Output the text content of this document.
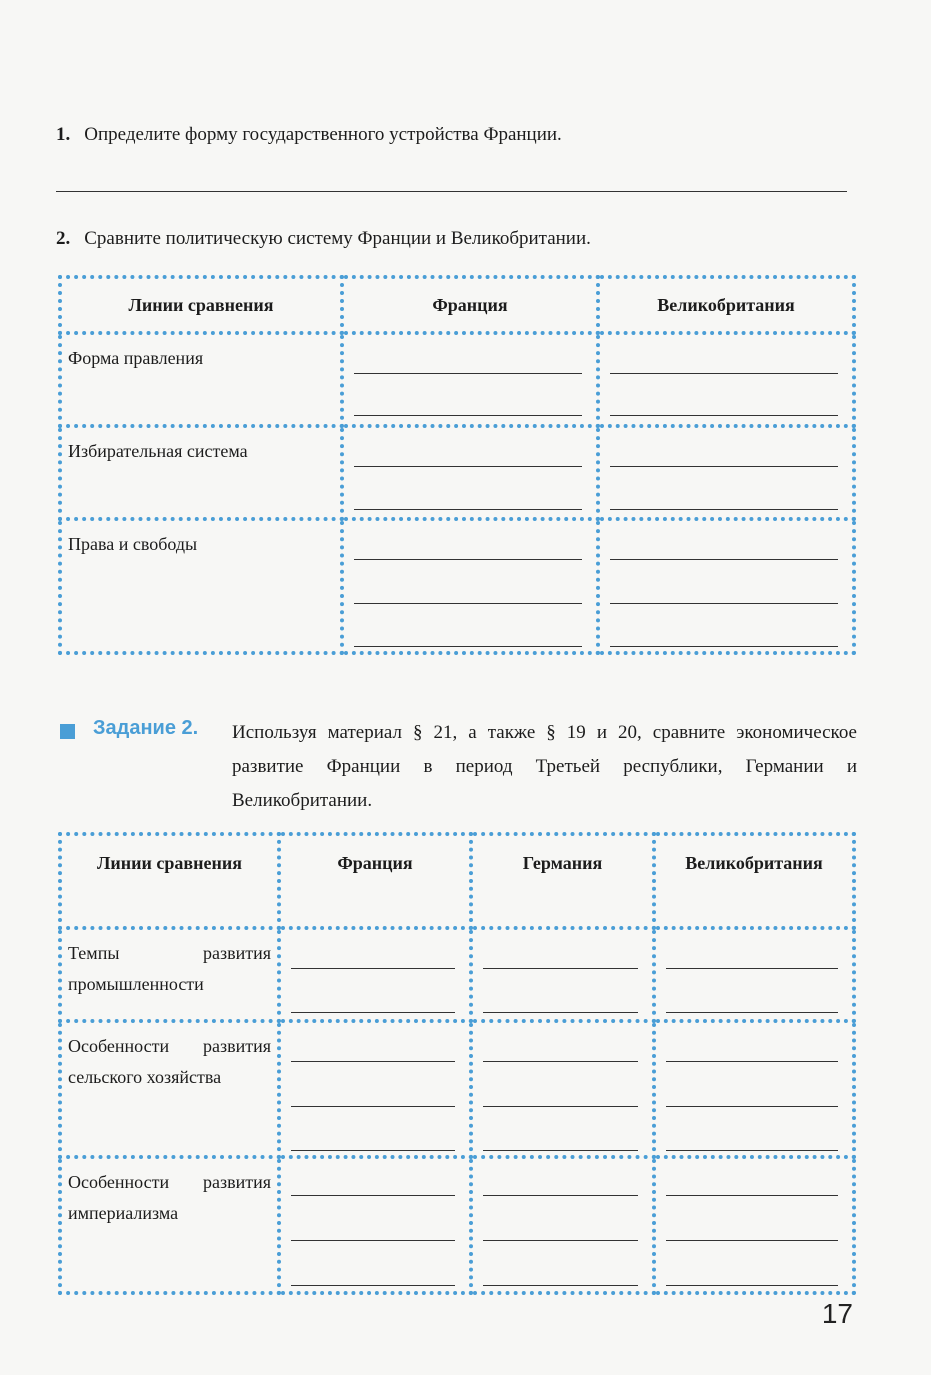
1. Определите форму государственного устройства Франции.
2. Сравните политическую систему Франции и Великобритании.
Линии сравнения	Франция	Великобритания

Форма правления		

Избирательная система		

Права и свободы		

Задание 2. Используя материал § 21, а также § 19 и 20, сравните экономическое развитие Франции в период Третьей республики, Германии и Великобритании.
Линии сравнения	Франция	Германия	Великобритания

Темпы развития промышленности			

Особенности развития сельского хозяйства			

Особенности развития империализма			

17
